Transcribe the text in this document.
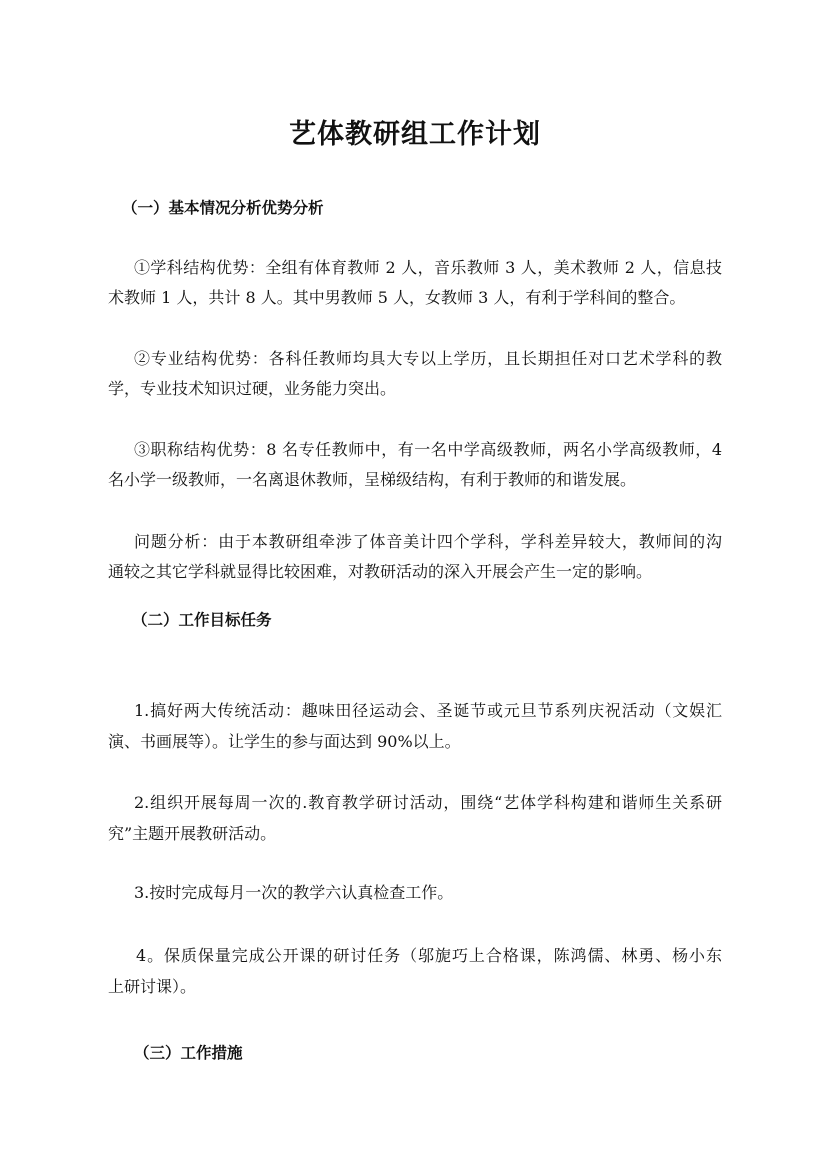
艺体教研组工作计划
（一）基本情况分析优势分析
①学科结构优势：全组有体育教师 2 人，音乐教师 3 人，美术教师 2 人，信息技
术教师 1 人，共计 8 人。其中男教师 5 人，女教师 3 人，有利于学科间的整合。
②专业结构优势：各科任教师均具大专以上学历，且长期担任对口艺术学科的教
学，专业技术知识过硬，业务能力突出。
③职称结构优势：8 名专任教师中，有一名中学高级教师，两名小学高级教师，4
名小学一级教师，一名离退休教师，呈梯级结构，有利于教师的和谐发展。
问题分析：由于本教研组牵涉了体音美计四个学科，学科差异较大，教师间的沟
通较之其它学科就显得比较困难，对教研活动的深入开展会产生一定的影响。
（二）工作目标任务
1.搞好两大传统活动：趣味田径运动会、圣诞节或元旦节系列庆祝活动（文娱汇
演、书画展等）。让学生的参与面达到 90%以上。
2.组织开展每周一次的.教育教学研讨活动，围绕“艺体学科构建和谐师生关系研
究”主题开展教研活动。
3.按时完成每月一次的教学六认真检查工作。
4。保质保量完成公开课的研讨任务（邬旎巧上合格课，陈鸿儒、林勇、杨小东
上研讨课）。
（三）工作措施
